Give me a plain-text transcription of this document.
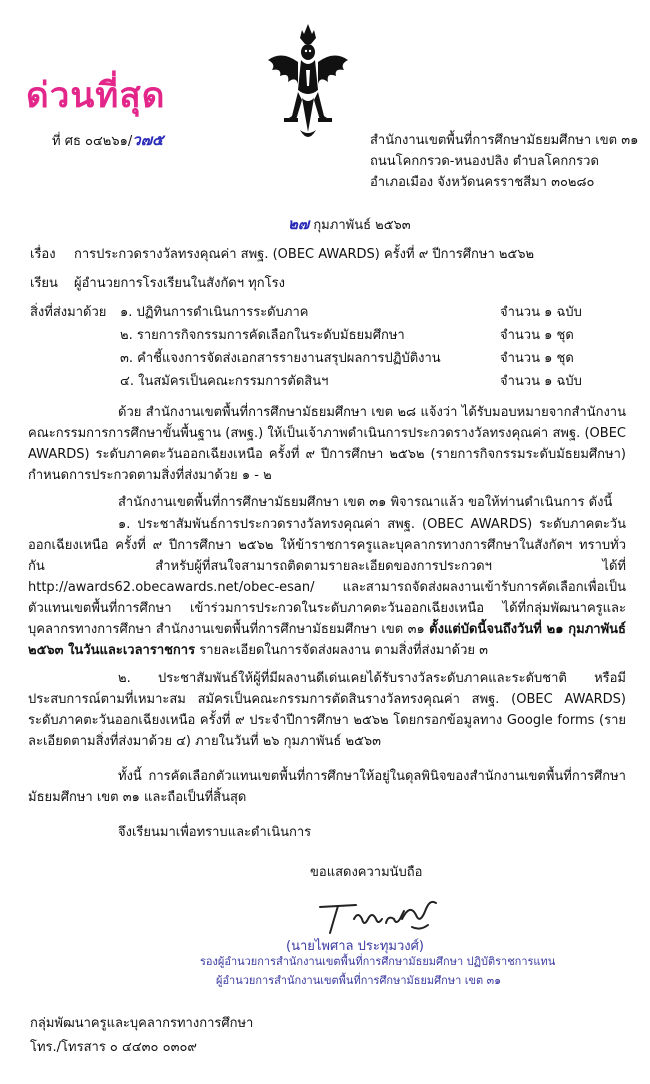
ด่วนที่สุด
ที่ ศธ ๐๔๒๖๑/ว๗๕	สำนักงานเขตพื้นที่การศึกษามัธยมศึกษา เขต ๓๑
ถนนโคกกรวด-หนองปลิง ตำบลโคกกรวด
อำเภอเมือง จังหวัดนครราชสีมา ๓๐๒๘๐
๒๗ กุมภาพันธ์ ๒๕๖๓
เรื่อง การประกวดรางวัลทรงคุณค่า สพฐ. (OBEC AWARDS) ครั้งที่ ๙ ปีการศึกษา ๒๕๖๒
เรียน ผู้อำนวยการโรงเรียนในสังกัดฯ ทุกโรง
สิ่งที่ส่งมาด้วย ๑. ปฏิทินการดำเนินการระดับภาค	จำนวน ๑ ฉบับ
๒. รายการกิจกรรมการคัดเลือกในระดับมัธยมศึกษา	จำนวน ๑ ชุด
๓. คำชี้แจงการจัดส่งเอกสารรายงานสรุปผลการปฏิบัติงาน	จำนวน ๑ ชุด
๔. ในสมัครเป็นคณะกรรมการตัดสินฯ	จำนวน ๑ ฉบับ

ด้วย สำนักงานเขตพื้นที่การศึกษามัธยมศึกษา เขต ๒๘ แจ้งว่า ได้รับมอบหมายจากสำนักงานคณะกรรมการการศึกษาขั้นพื้นฐาน (สพฐ.) ให้เป็นเจ้าภาพดำเนินการประกวดรางวัลทรงคุณค่า สพฐ. (OBEC AWARDS) ระดับภาคตะวันออกเฉียงเหนือ ครั้งที่ ๙ ปีการศึกษา ๒๕๖๒ (รายการกิจกรรมระดับมัธยมศึกษา) กำหนดการประกวดตามสิ่งที่ส่งมาด้วย ๑ - ๒

สำนักงานเขตพื้นที่การศึกษามัธยมศึกษา เขต ๓๑ พิจารณาแล้ว ขอให้ท่านดำเนินการ ดังนี้

๑. ประชาสัมพันธ์การประกวดรางวัลทรงคุณค่า สพฐ. (OBEC AWARDS) ระดับภาคตะวันออกเฉียงเหนือ ครั้งที่ ๙ ปีการศึกษา ๒๕๖๒ ให้ข้าราชการครูและบุคลากรทางการศึกษาในสังกัดฯ ทราบทั่วกัน สำหรับผู้ที่สนใจสามารถติดตามรายละเอียดของการประกวดฯ ได้ที่ http://awards62.obecawards.net/obec-esan/ และสามารถจัดส่งผลงานเข้ารับการคัดเลือกเพื่อเป็นตัวแทนเขตพื้นที่การศึกษา เข้าร่วมการประกวดในระดับภาคตะวันออกเฉียงเหนือ ได้ที่กลุ่มพัฒนาครูและบุคลากรทางการศึกษา สำนักงานเขตพื้นที่การศึกษามัธยมศึกษา เขต ๓๑ ตั้งแต่บัดนี้จนถึงวันที่ ๒๑ กุมภาพันธ์ ๒๕๖๓ ในวันและเวลาราชการ รายละเอียดในการจัดส่งผลงาน ตามสิ่งที่ส่งมาด้วย ๓

๒. ประชาสัมพันธ์ให้ผู้ที่มีผลงานดีเด่นเคยได้รับรางวัลระดับภาคและระดับชาติ หรือมีประสบการณ์ตามที่เหมาะสม สมัครเป็นคณะกรรมการตัดสินรางวัลทรงคุณค่า สพฐ. (OBEC AWARDS) ระดับภาคตะวันออกเฉียงเหนือ ครั้งที่ ๙ ประจำปีการศึกษา ๒๕๖๒ โดยกรอกข้อมูลทาง Google forms (รายละเอียดตามสิ่งที่ส่งมาด้วย ๔) ภายในวันที่ ๒๖ กุมภาพันธ์ ๒๕๖๓

ทั้งนี้ การคัดเลือกตัวแทนเขตพื้นที่การศึกษาให้อยู่ในดุลพินิจของสำนักงานเขตพื้นที่การศึกษามัธยมศึกษา เขต ๓๑ และถือเป็นที่สิ้นสุด

จึงเรียนมาเพื่อทราบและดำเนินการ

ขอแสดงความนับถือ
(นายไพศาล ประทุมวงศ์)
รองผู้อำนวยการสำนักงานเขตพื้นที่การศึกษามัธยมศึกษา ปฏิบัติราชการแทน
ผู้อำนวยการสำนักงานเขตพื้นที่การศึกษามัธยมศึกษา เขต ๓๑
กลุ่มพัฒนาครูและบุคลากรทางการศึกษา
โทร./โทรสาร ๐ ๔๔๓๐ ๐๓๐๙
